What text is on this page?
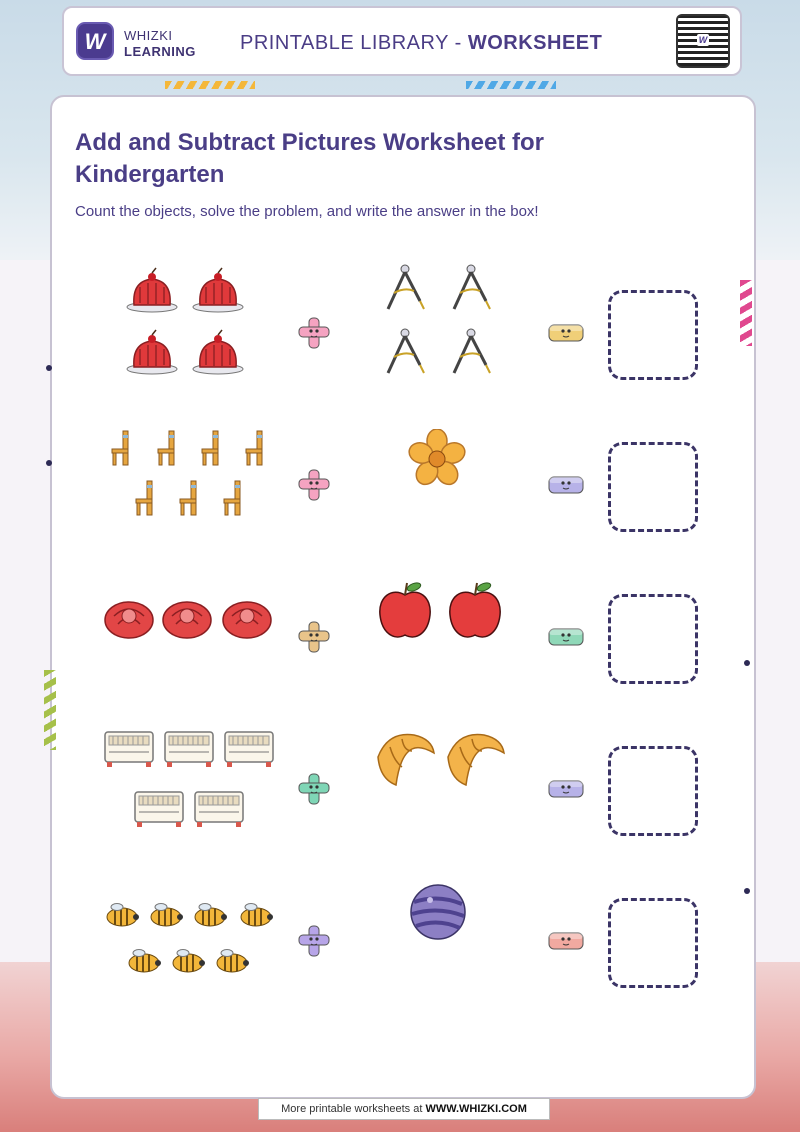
W	WHIZKI
LEARNING PRINTABLE LIBRARY - WORKSHEET	W
Add and Subtract Pictures Worksheet for Kindergarten

Count the objects, solve the problem, and write the answer in the box!

More printable worksheets at WWW.WHIZKI.COM
